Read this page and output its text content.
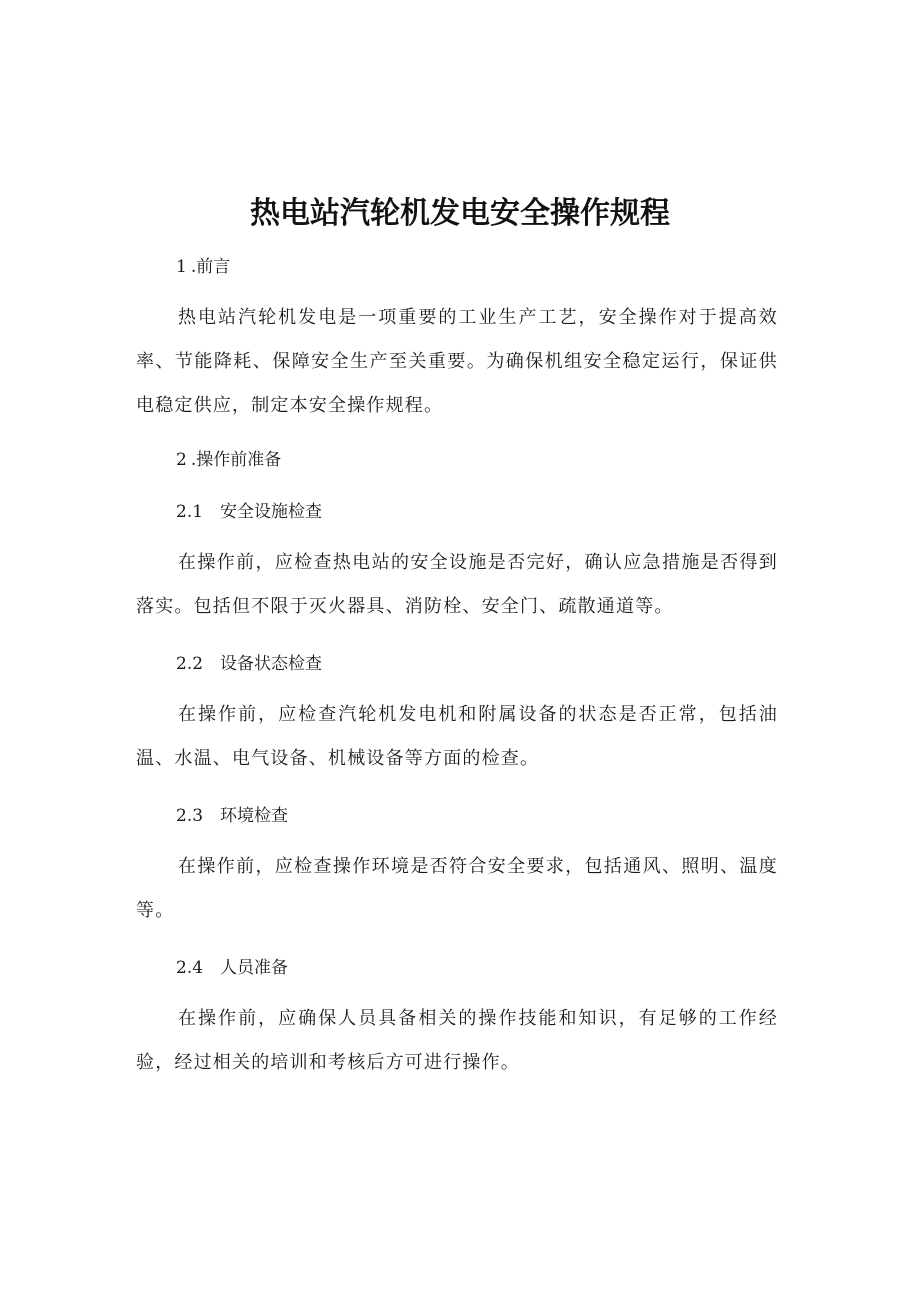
热电站汽轮机发电安全操作规程

1 .前言

热电站汽轮机发电是一项重要的工业生产工艺，安全操作对于提高效率、节能降耗、保障安全生产至关重要。为确保机组安全稳定运行，保证供电稳定供应，制定本安全操作规程。

2 .操作前准备

2.1 安全设施检查

在操作前，应检查热电站的安全设施是否完好，确认应急措施是否得到落实。包括但不限于灭火器具、消防栓、安全门、疏散通道等。

2.2 设备状态检查

在操作前，应检查汽轮机发电机和附属设备的状态是否正常，包括油温、水温、电气设备、机械设备等方面的检查。

2.3 环境检查

在操作前，应检查操作环境是否符合安全要求，包括通风、照明、温度等。

2.4 人员准备

在操作前，应确保人员具备相关的操作技能和知识，有足够的工作经验，经过相关的培训和考核后方可进行操作。
